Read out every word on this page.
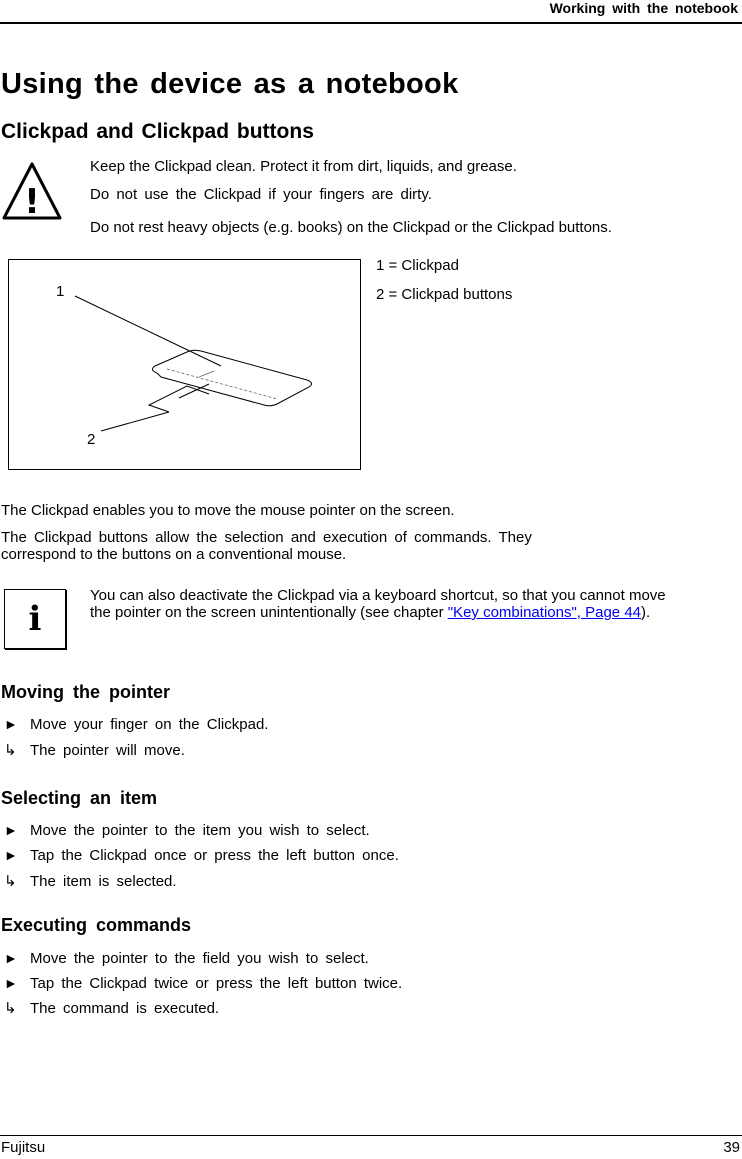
Working with the notebook
Using the device as a notebook
Clickpad and Clickpad buttons
!
Keep the Clickpad clean. Protect it from dirt, liquids, and grease.
Do not use the Clickpad if your fingers are dirty.
Do not rest heavy objects (e.g. books) on the Clickpad or the Clickpad buttons.
1
2
1 = Clickpad
2 = Clickpad buttons
The Clickpad enables you to move the mouse pointer on the screen.
The Clickpad buttons allow the selection and execution of commands. They
correspond to the buttons on a conventional mouse.
i
You can also deactivate the Clickpad via a keyboard shortcut, so that you cannot move
the pointer on the screen unintentionally (see chapter "Key combinations", Page 44).
Moving the pointer
► Move your finger on the Clickpad.
↳ The pointer will move.
Selecting an item
► Move the pointer to the item you wish to select.
► Tap the Clickpad once or press the left button once.
↳ The item is selected.
Executing commands
► Move the pointer to the field you wish to select.
► Tap the Clickpad twice or press the left button twice.
↳ The command is executed.
Fujitsu	39
